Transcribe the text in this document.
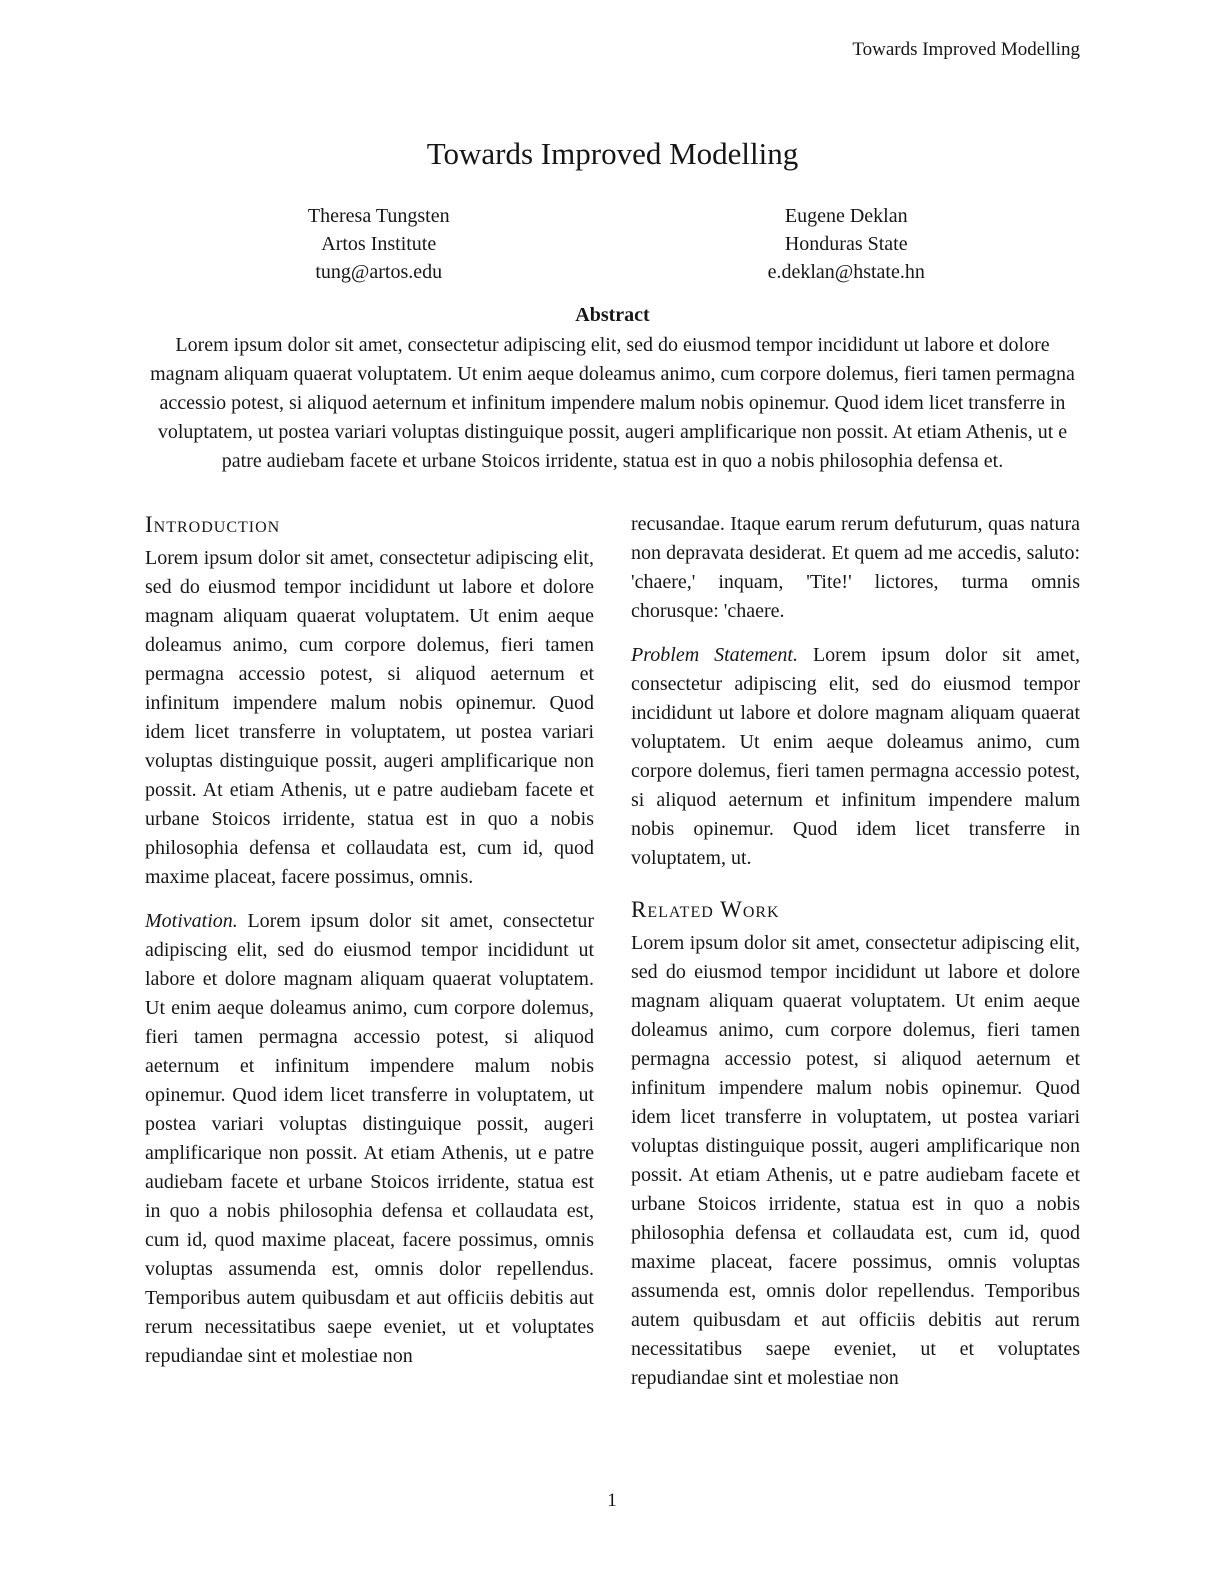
Towards Improved Modelling
Towards Improved Modelling
Theresa Tungsten
Artos Institute
tung@artos.edu
Eugene Deklan
Honduras State
e.deklan@hstate.hn
Abstract

Lorem ipsum dolor sit amet, consectetur adipiscing elit, sed do eiusmod tempor incididunt ut labore et dolore magnam aliquam quaerat voluptatem. Ut enim aeque doleamus animo, cum corpore dolemus, fieri tamen permagna accessio potest, si aliquod aeternum et infinitum impendere malum nobis opinemur. Quod idem licet transferre in voluptatem, ut postea variari voluptas distinguique possit, augeri amplificarique non possit. At etiam Athenis, ut e patre audiebam facete et urbane Stoicos irridente, statua est in quo a nobis philosophia defensa et.

Introduction

Lorem ipsum dolor sit amet, consectetur adipiscing elit, sed do eiusmod tempor incididunt ut labore et dolore magnam aliquam quaerat voluptatem. Ut enim aeque doleamus animo, cum corpore dolemus, fieri tamen permagna accessio potest, si aliquod aeternum et infinitum impendere malum nobis opinemur. Quod idem licet transferre in voluptatem, ut postea variari voluptas distinguique possit, augeri amplificarique non possit. At etiam Athenis, ut e patre audiebam facete et urbane Stoicos irridente, statua est in quo a nobis philosophia defensa et collaudata est, cum id, quod maxime placeat, facere possimus, omnis.

Motivation. Lorem ipsum dolor sit amet, consectetur adipiscing elit, sed do eiusmod tempor incididunt ut labore et dolore magnam aliquam quaerat voluptatem. Ut enim aeque doleamus animo, cum corpore dolemus, fieri tamen permagna accessio potest, si aliquod aeternum et infinitum impendere malum nobis opinemur. Quod idem licet transferre in voluptatem, ut postea variari voluptas distinguique possit, augeri amplificarique non possit. At etiam Athenis, ut e patre audiebam facete et urbane Stoicos irridente, statua est in quo a nobis philosophia defensa et collaudata est, cum id, quod maxime placeat, facere possimus, omnis voluptas assumenda est, omnis dolor repellendus. Temporibus autem quibusdam et aut officiis debitis aut rerum necessitatibus saepe eveniet, ut et voluptates repudiandae sint et molestiae non

recusandae. Itaque earum rerum defuturum, quas natura non depravata desiderat. Et quem ad me accedis, saluto: 'chaere,' inquam, 'Tite!' lictores, turma omnis chorusque: 'chaere.

Problem Statement. Lorem ipsum dolor sit amet, consectetur adipiscing elit, sed do eiusmod tempor incididunt ut labore et dolore magnam aliquam quaerat voluptatem. Ut enim aeque doleamus animo, cum corpore dolemus, fieri tamen permagna accessio potest, si aliquod aeternum et infinitum impendere malum nobis opinemur. Quod idem licet transferre in voluptatem, ut.

Related Work

Lorem ipsum dolor sit amet, consectetur adipiscing elit, sed do eiusmod tempor incididunt ut labore et dolore magnam aliquam quaerat voluptatem. Ut enim aeque doleamus animo, cum corpore dolemus, fieri tamen permagna accessio potest, si aliquod aeternum et infinitum impendere malum nobis opinemur. Quod idem licet transferre in voluptatem, ut postea variari voluptas distinguique possit, augeri amplificarique non possit. At etiam Athenis, ut e patre audiebam facete et urbane Stoicos irridente, statua est in quo a nobis philosophia defensa et collaudata est, cum id, quod maxime placeat, facere possimus, omnis voluptas assumenda est, omnis dolor repellendus. Temporibus autem quibusdam et aut officiis debitis aut rerum necessitatibus saepe eveniet, ut et voluptates repudiandae sint et molestiae non

1
